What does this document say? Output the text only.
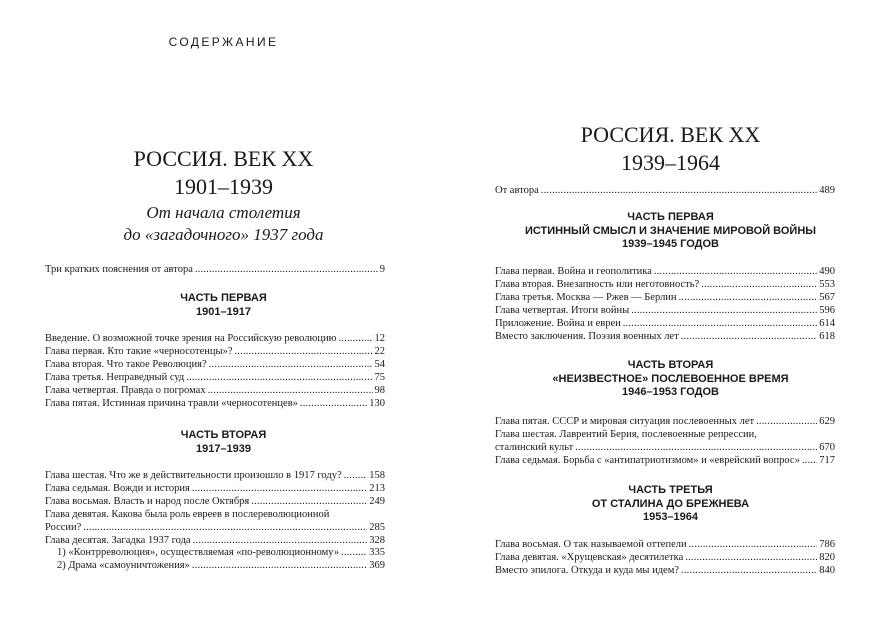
СОДЕРЖАНИЕ
РОССИЯ. ВЕК XX
1901–1939
От начала столетия
до «загадочного» 1937 года
Три кратких пояснения от автора .....	9
ЧАСТЬ ПЕРВАЯ
1901–1917
Введение. О возможной точке зрения на Российскую революцию .....	12
Глава первая. Кто такие «черносотенцы»? .....	22
Глава вторая. Что такое Революция? .....	54
Глава третья. Неправедный суд .....	75
Глава четвертая. Правда о погромах .....	98
Глава пятая. Истинная причина травли «черносотенцев» .....	130
ЧАСТЬ ВТОРАЯ
1917–1939
Глава шестая. Что же в действительности произошло в 1917 году? .....	158
Глава седьмая. Вожди и история .....	213
Глава восьмая. Власть и народ после Октября .....	249
Глава девятая. Какова была роль евреев в послереволюционной
России? .....	285
Глава десятая. Загадка 1937 года .....	328
1) «Контрреволюция», осуществляемая «по-революционному» .....	335
2) Драма «самоуничтожения» .....	369
РОССИЯ. ВЕК XX
1939–1964
От автора .....	489
ЧАСТЬ ПЕРВАЯ
ИСТИННЫЙ СМЫСЛ И ЗНАЧЕНИЕ МИРОВОЙ ВОЙНЫ
1939–1945 ГОДОВ
Глава первая. Война и геополитика .....	490
Глава вторая. Внезапность или неготовность? .....	553
Глава третья. Москва — Ржев — Берлин .....	567
Глава четвертая. Итоги войны .....	596
Приложение. Война и евреи .....	614
Вместо заключения. Поэзия военных лет .....	618
ЧАСТЬ ВТОРАЯ
«НЕИЗВЕСТНОЕ» ПОСЛЕВОЕННОЕ ВРЕМЯ
1946–1953 ГОДОВ
Глава пятая. СССР и мировая ситуация послевоенных лет .....	629
Глава шестая. Лаврентий Берия, послевоенные репрессии,
сталинский культ .....	670
Глава седьмая. Борьба с «антипатриотизмом» и «еврейский вопрос» ..... 717
ЧАСТЬ ТРЕТЬЯ
ОТ СТАЛИНА ДО БРЕЖНЕВА
1953–1964
Глава восьмая. О так называемой оттепели .....	786
Глава девятая. «Хрущевская» десятилетка .....	820
Вместо эпилога. Откуда и куда мы идем? .....	840
